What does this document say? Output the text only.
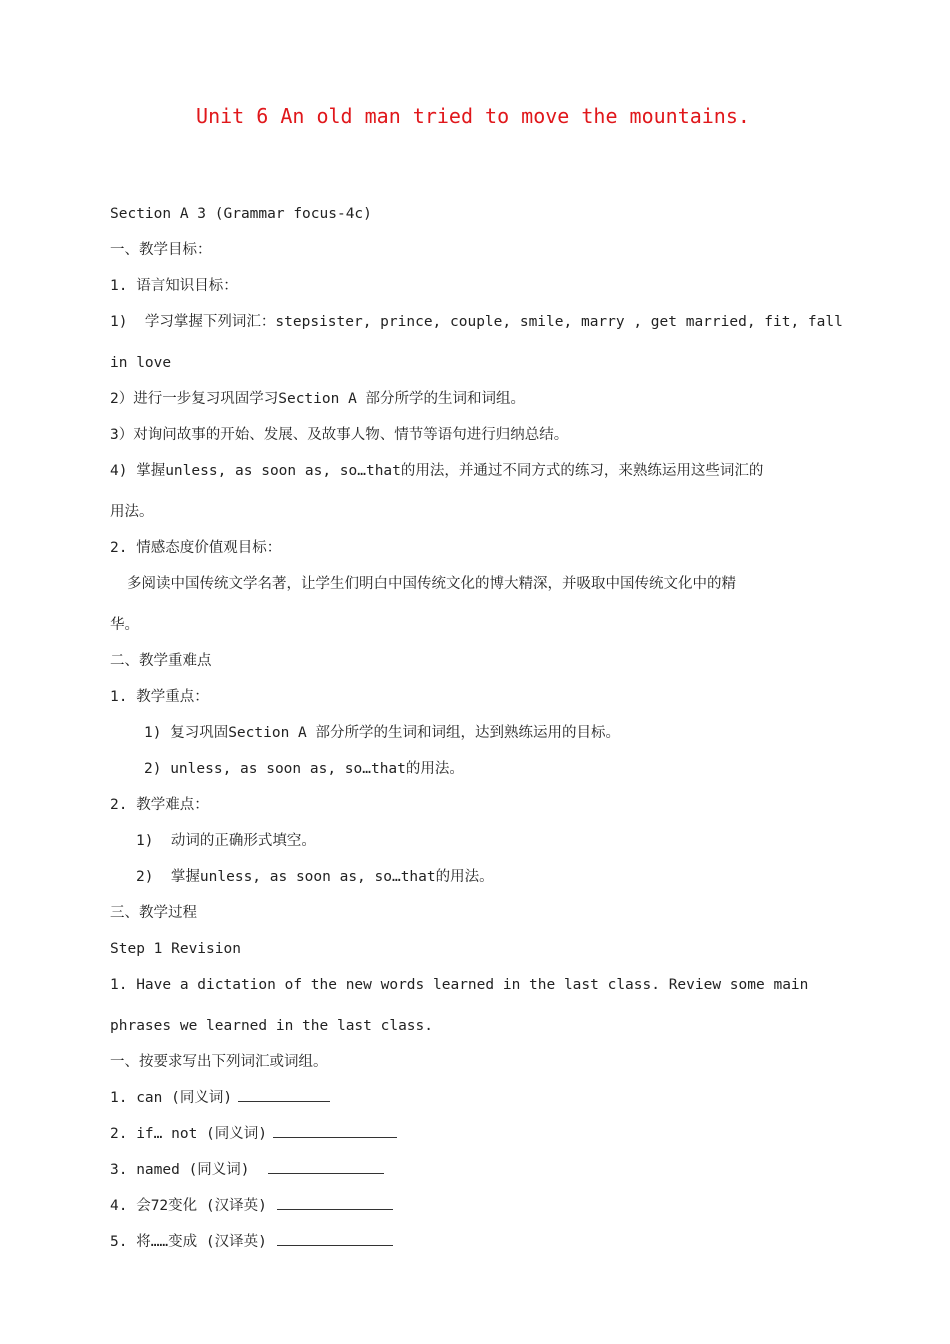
Unit 6 An old man tried to move the mountains.

Section A 3 (Grammar focus-4c)

一、教学目标：

1. 语言知识目标：

1)  学习掌握下列词汇：stepsister, prince, couple, smile, marry , get married, fit, fall

in love

2）进行一步复习巩固学习Section A 部分所学的生词和词组。

3）对询问故事的开始、发展、及故事人物、情节等语句进行归纳总结。

4) 掌握unless, as soon as, so…that的用法，并通过不同方式的练习，来熟练运用这些词汇的

用法。

2. 情感态度价值观目标：

多阅读中国传统文学名著，让学生们明白中国传统文化的博大精深，并吸取中国传统文化中的精

华。

二、教学重难点

1. 教学重点：

1) 复习巩固Section A 部分所学的生词和词组，达到熟练运用的目标。

2) unless, as soon as, so…that的用法。

2. 教学难点：

1)  动词的正确形式填空。

2)  掌握unless, as soon as, so…that的用法。

三、教学过程

Step 1 Revision

1. Have a dictation of the new words learned in the last class. Review some main

phrases we learned in the last class.

一、按要求写出下列词汇或词组。

1. can (同义词)

2. if… not (同义词)

3. named (同义词)

4. 会72变化 (汉译英)

5. 将……变成 (汉译英)
